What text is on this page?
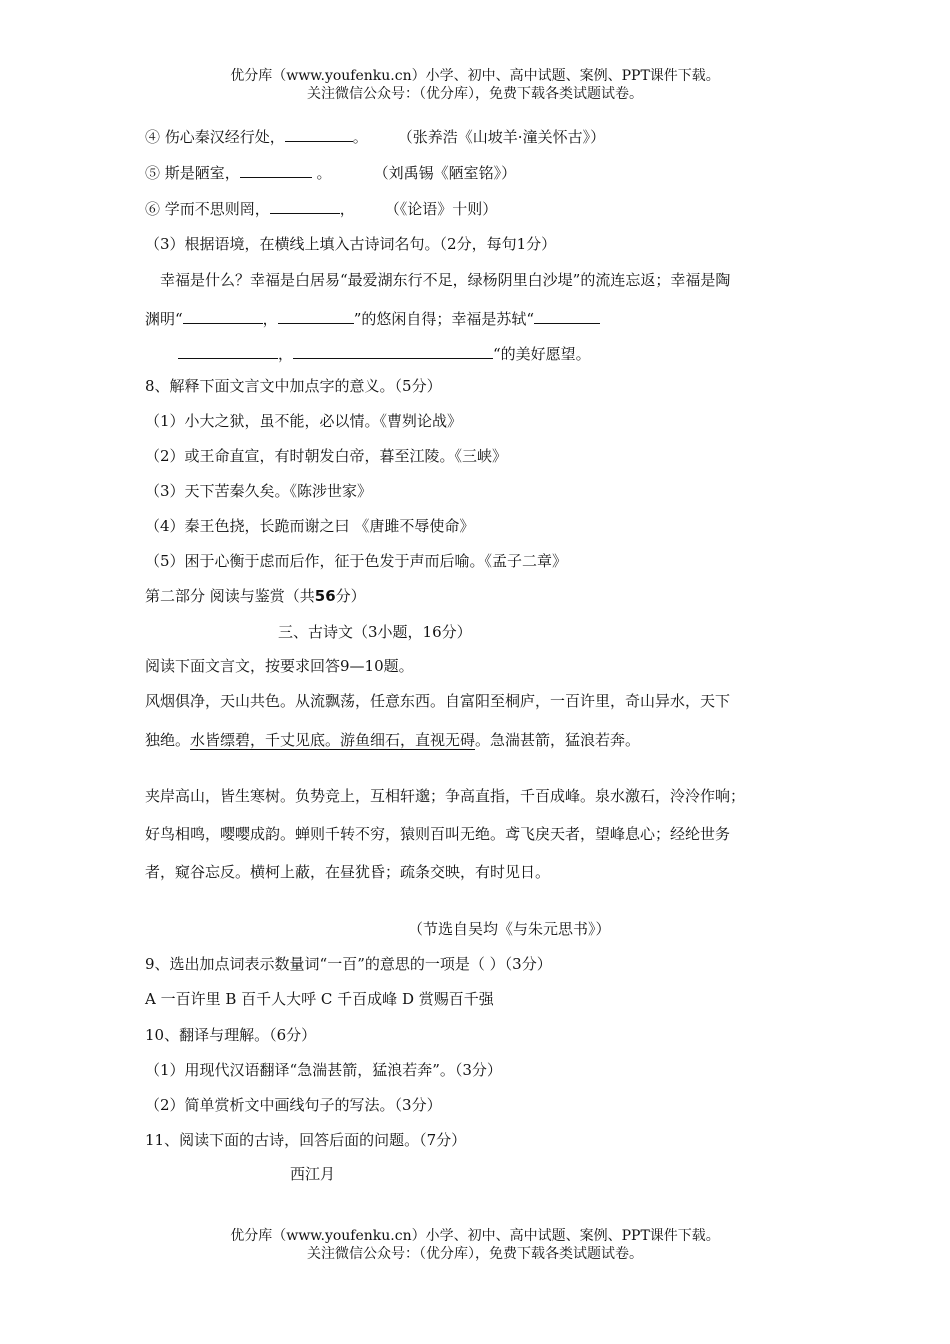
优分库（www.youfenku.cn）小学、初中、高中试题、案例、PPT课件下载。
关注微信公众号：（优分库），免费下载各类试题试卷。
④ 伤心秦汉经行处，	。 （张养浩《山坡羊·潼关怀古》）
⑤ 斯是陋室，	。	（刘禹锡《陋室铭》）
⑥ 学而不思则罔，	， （《论语》十则）
（3）根据语境，在横线上填入古诗词名句。（2分，每句1分）
幸福是什么？幸福是白居易“最爱湖东行不足，绿杨阴里白沙堤”的流连忘返；幸福是陶
渊明“	，	”的悠闲自得；幸福是苏轼“
，	“的美好愿望。
8、解释下面文言文中加点字的意义。（5分）
（1）小大之狱，虽不能，必以情。《曹刿论战》
（2）或王命直宣，有时朝发白帝，暮至江陵。《三峡》
（3）天下苦秦久矣。《陈涉世家》
（4）秦王色挠，长跪而谢之曰 《唐雎不辱使命》
（5）困于心衡于虑而后作，征于色发于声而后喻。《孟子二章》
第二部分 阅读与鉴赏（共56分）
三、古诗文（3小题，16分）
阅读下面文言文，按要求回答9—10题。
风烟俱净，天山共色。从流飘荡，任意东西。自富阳至桐庐，一百许里，奇山异水，天下
独绝。水皆缥碧，千丈见底。游鱼细石，直视无碍。急湍甚箭，猛浪若奔。
夹岸高山，皆生寒树。负势竞上，互相轩邈；争高直指，千百成峰。泉水激石，泠泠作响；
好鸟相鸣，嘤嘤成韵。蝉则千转不穷，猿则百叫无绝。鸢飞戾天者，望峰息心；经纶世务
者，窥谷忘反。横柯上蔽，在昼犹昏；疏条交映，有时见日。
（节选自吴均《与朱元思书》）
9、选出加点词表示数量词“一百”的意思的一项是（ ）（3分）
A 一百许里 B 百千人大呼 C 千百成峰 D 赏赐百千强
10、翻译与理解。（6分）
（1）用现代汉语翻译“急湍甚箭，猛浪若奔”。（3分）
（2）简单赏析文中画线句子的写法。（3分）
11、阅读下面的古诗，回答后面的问题。（7分）
西江月
优分库（www.youfenku.cn）小学、初中、高中试题、案例、PPT课件下载。
关注微信公众号：（优分库），免费下载各类试题试卷。
